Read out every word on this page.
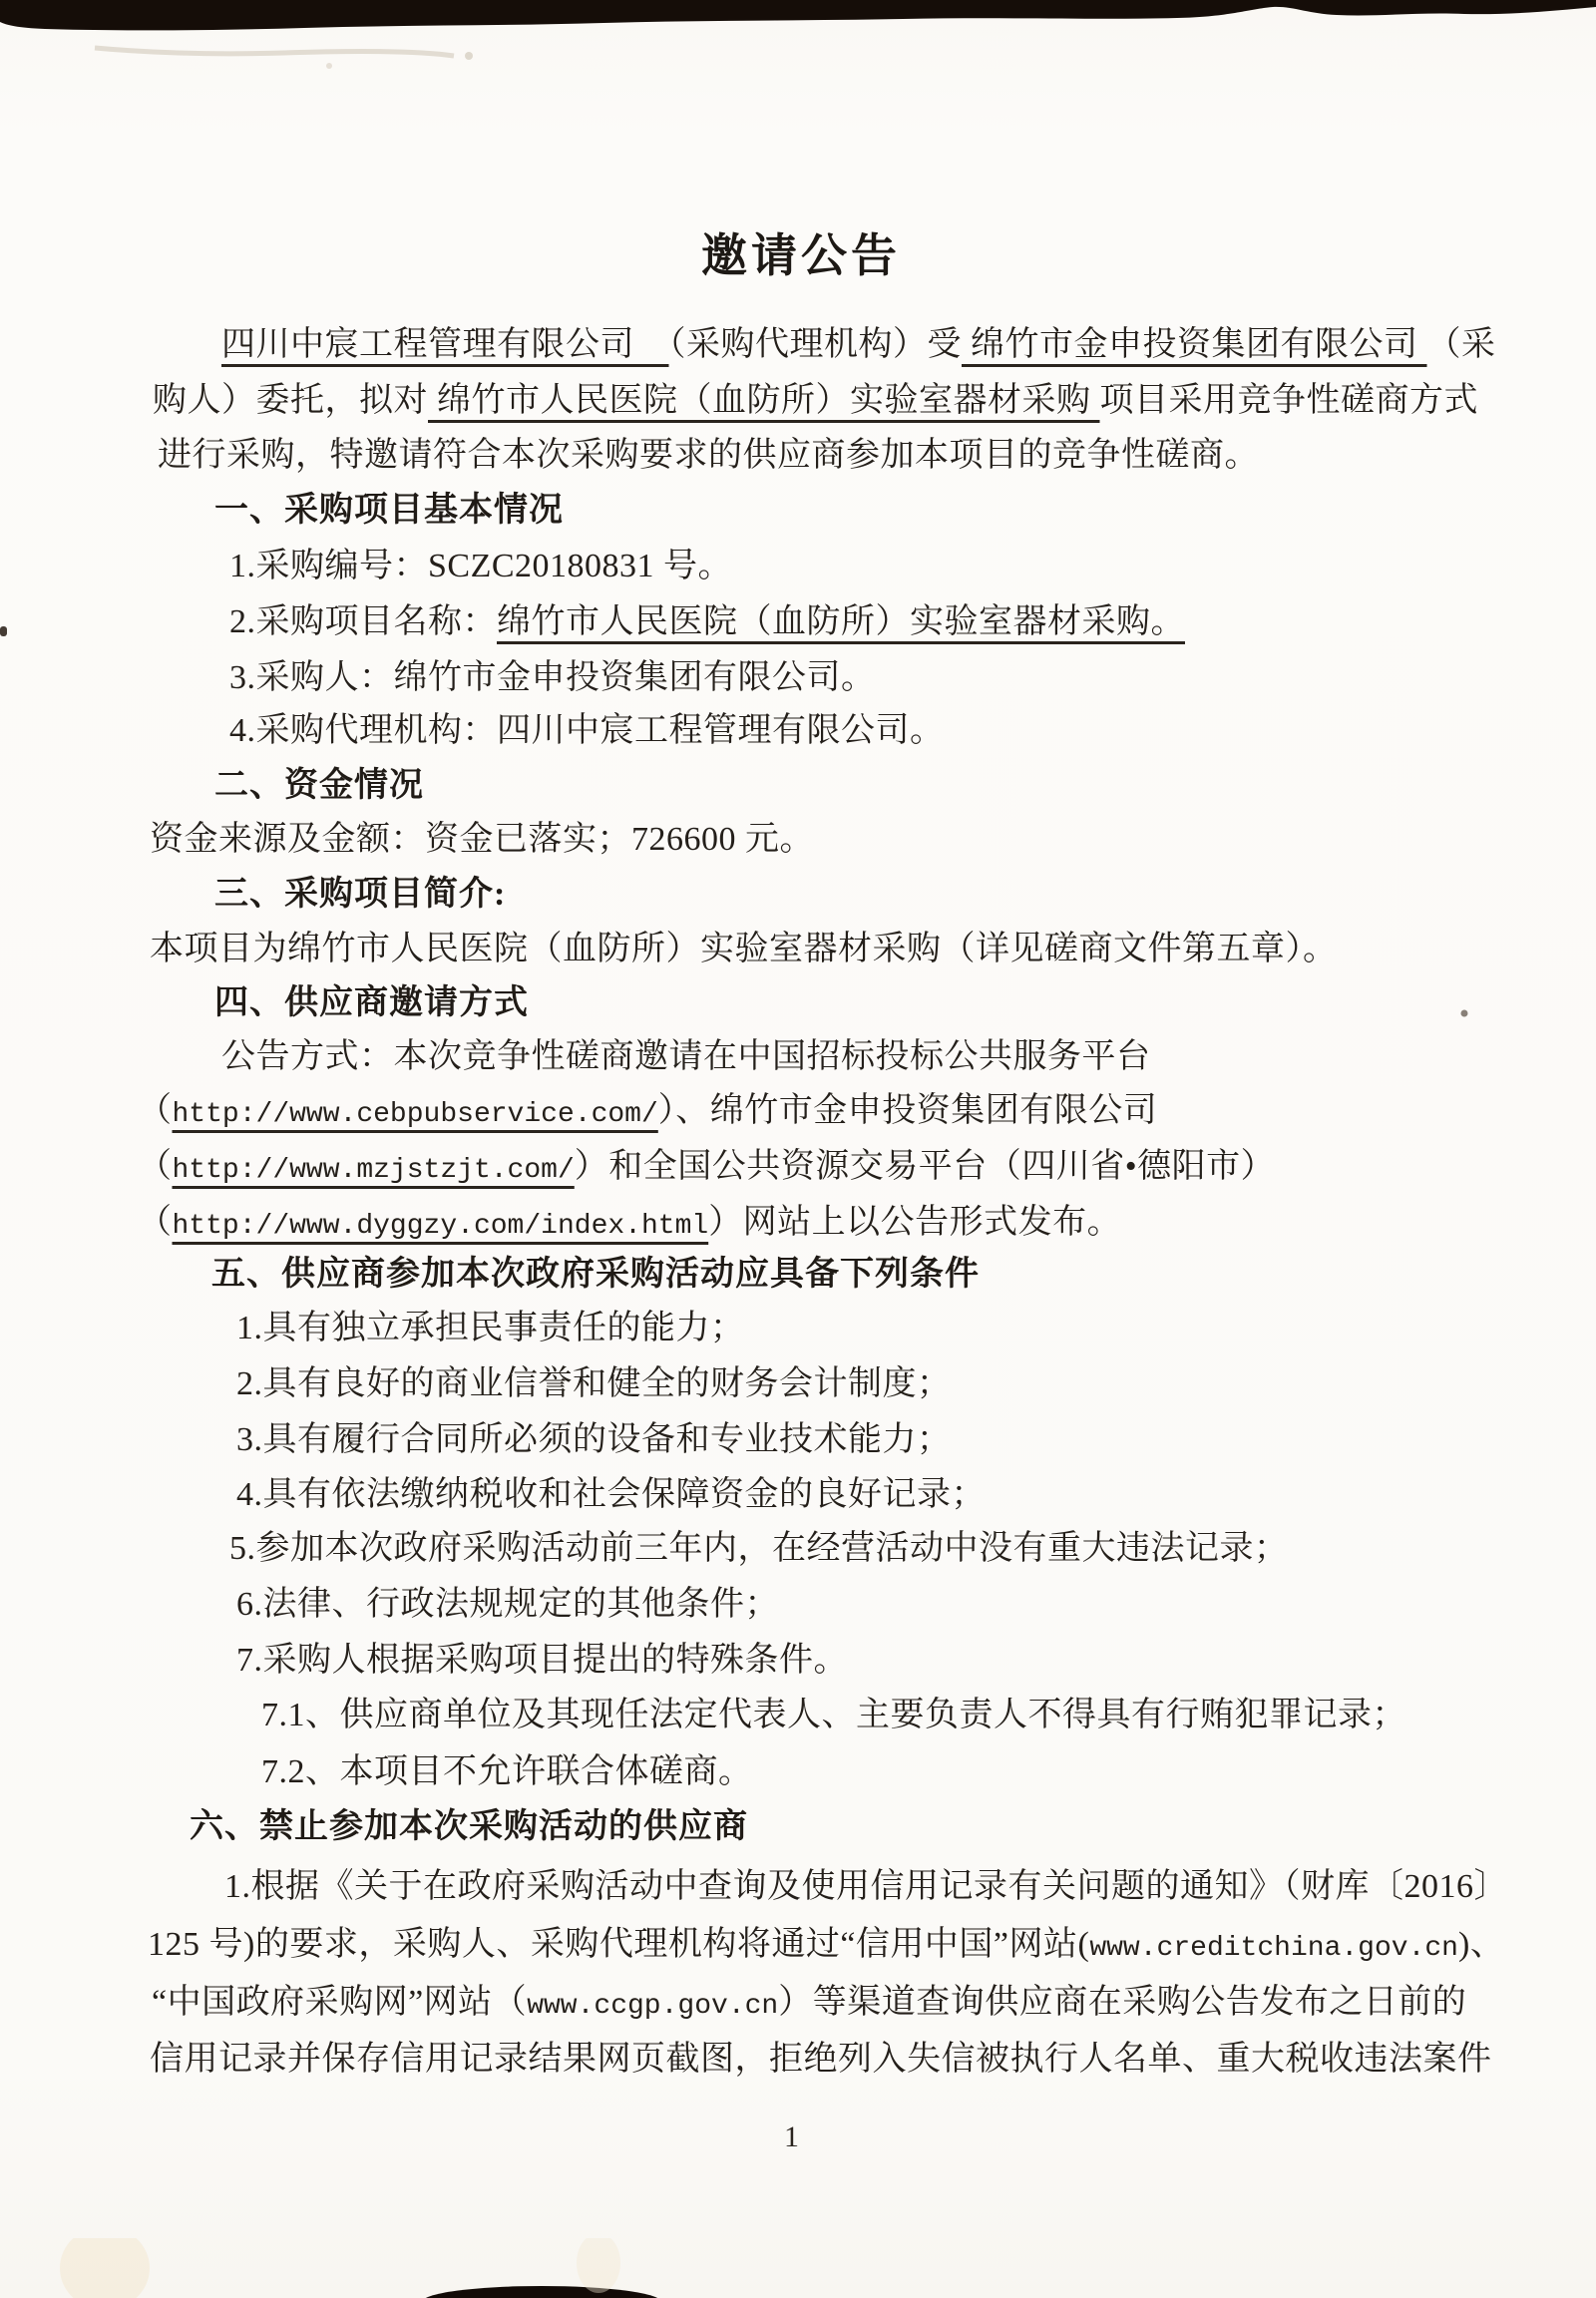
邀请公告
四川中宸工程管理有限公司　（采购代理机构）受 绵竹市金申投资集团有限公司 （采
购人）委托，拟对 绵竹市人民医院（血防所）实验室器材采购 项目采用竞争性磋商方式
进行采购，特邀请符合本次采购要求的供应商参加本项目的竞争性磋商。
一、采购项目基本情况
1.采购编号：SCZC20180831 号。
2.采购项目名称：绵竹市人民医院（血防所）实验室器材采购。
3.采购人：绵竹市金申投资集团有限公司。
4.采购代理机构：四川中宸工程管理有限公司。
二、资金情况
资金来源及金额：资金已落实；726600 元。
三、采购项目简介:
本项目为绵竹市人民医院（血防所）实验室器材采购（详见磋商文件第五章）。
四、供应商邀请方式
公告方式：本次竞争性磋商邀请在中国招标投标公共服务平台
（http://www.cebpubservice.com/）、绵竹市金申投资集团有限公司
（http://www.mzjstzjt.com/）和全国公共资源交易平台（四川省•德阳市）
（http://www.dyggzy.com/index.html）网站上以公告形式发布。
五、供应商参加本次政府采购活动应具备下列条件
1.具有独立承担民事责任的能力；
2.具有良好的商业信誉和健全的财务会计制度；
3.具有履行合同所必须的设备和专业技术能力；
4.具有依法缴纳税收和社会保障资金的良好记录；
5.参加本次政府采购活动前三年内，在经营活动中没有重大违法记录；
6.法律、行政法规规定的其他条件；
7.采购人根据采购项目提出的特殊条件。
7.1、供应商单位及其现任法定代表人、主要负责人不得具有行贿犯罪记录；
7.2、本项目不允许联合体磋商。
六、禁止参加本次采购活动的供应商
1.根据《关于在政府采购活动中查询及使用信用记录有关问题的通知》（财库〔2016〕
125 号)的要求，采购人、采购代理机构将通过“信用中国”网站(www.creditchina.gov.cn)、
“中国政府采购网”网站（www.ccgp.gov.cn）等渠道查询供应商在采购公告发布之日前的
信用记录并保存信用记录结果网页截图，拒绝列入失信被执行人名单、重大税收违法案件
1
